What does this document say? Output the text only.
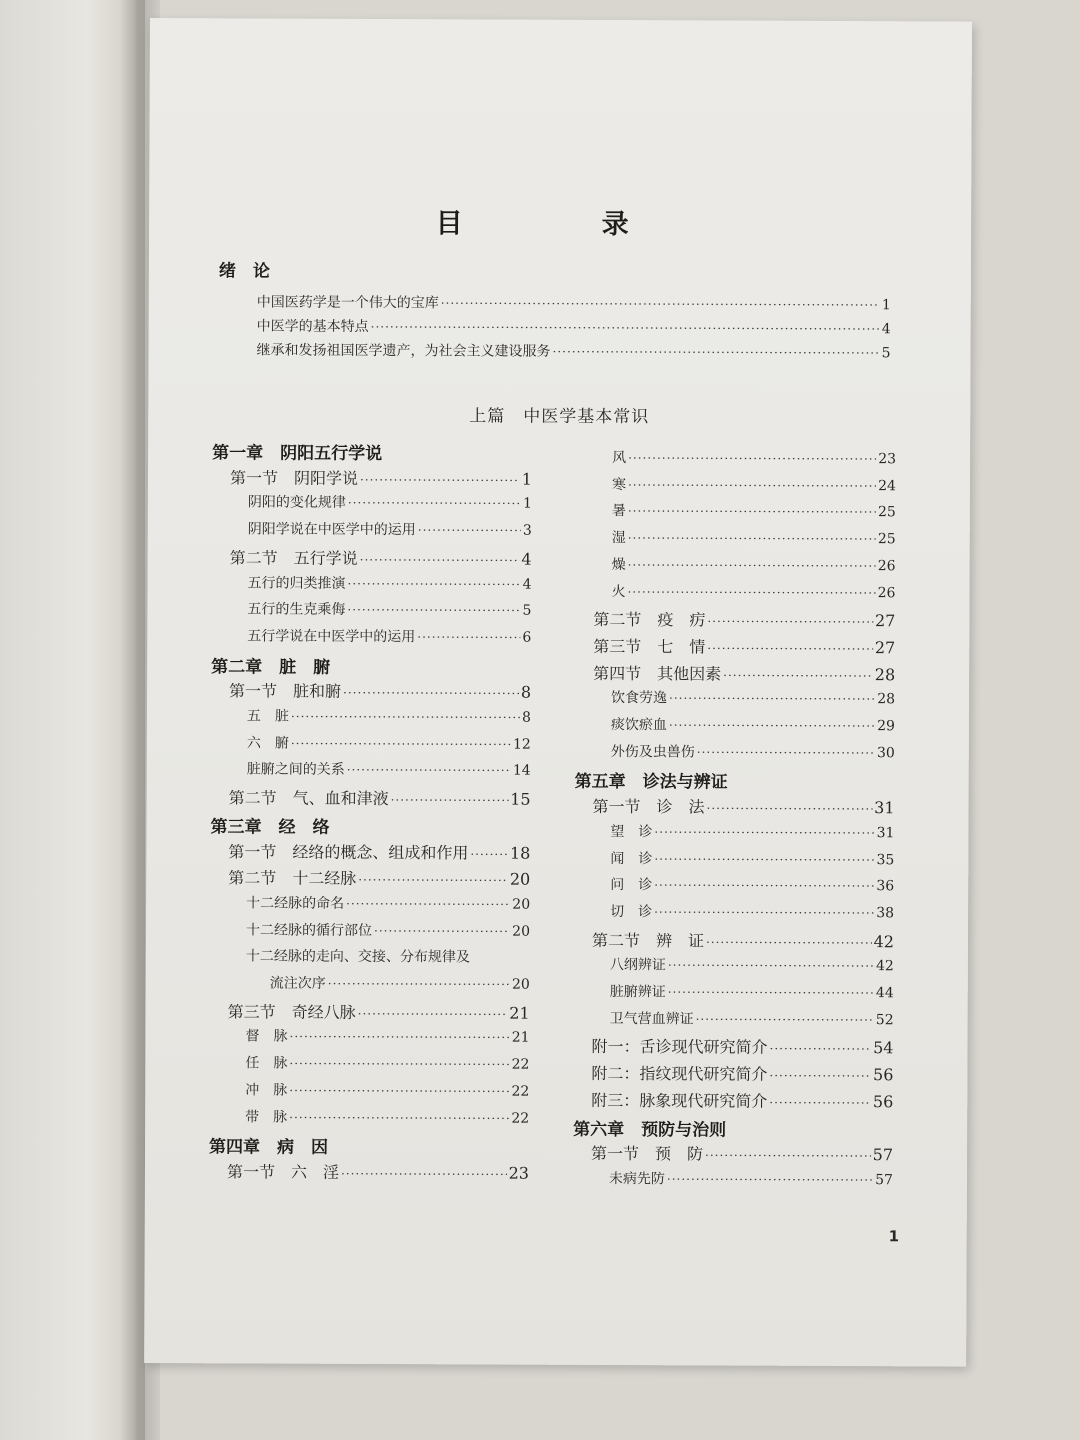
目　录
绪　论
上篇　中医学基本常识
1
中国医药学是一个伟大的宝库 ·····	1
中医学的基本特点 ·····	4
继承和发扬祖国医学遗产，为社会主义建设服务 ·····	5
第一章　阴阳五行学说
第一节　阴阳学说 ·····	1
阴阳的变化规律 ·····	1
阴阳学说在中医学中的运用 ·····	3
第二节　五行学说 ·····	4
五行的归类推演 ·····	4
五行的生克乘侮 ·····	5
五行学说在中医学中的运用 ·····	6
第二章　脏　腑
第一节　脏和腑 ·····	8
五　脏 ·····	8
六　腑 ·····	12
脏腑之间的关系 ·····	14
第二节　气、血和津液 ·····	15
第三章　经　络
第一节　经络的概念、组成和作用 ·····	18
第二节　十二经脉 ·····	20
十二经脉的命名 ·····	20
十二经脉的循行部位 ·····	20
十二经脉的走向、交接、分布规律及
流注次序 ·····	20
第三节　奇经八脉 ·····	21
督　脉 ·····	21
任　脉 ·····	22
冲　脉 ·····	22
带　脉 ·····	22
第四章　病　因
第一节　六　淫 ·····	23
风 ·····	23
寒 ·····	24
暑 ·····	25
湿 ·····	25
燥 ·····	26
火 ·····	26
第二节　疫　疠 ·····	27
第三节　七　情 ·····	27
第四节　其他因素 ·····	28
饮食劳逸 ·····	28
痰饮瘀血 ·····	29
外伤及虫兽伤 ·····	30
第五章　诊法与辨证
第一节　诊　法 ·····	31
望　诊 ·····	31
闻　诊 ·····	35
问　诊 ·····	36
切　诊 ·····	38
第二节　辨　证 ·····	42
八纲辨证 ·····	42
脏腑辨证 ·····	44
卫气营血辨证 ·····	52
附一：舌诊现代研究简介 ·····	54
附二：指纹现代研究简介 ·····	56
附三：脉象现代研究简介 ·····	56
第六章　预防与治则
第一节　预　防 ·····	57
未病先防 ·····	57
